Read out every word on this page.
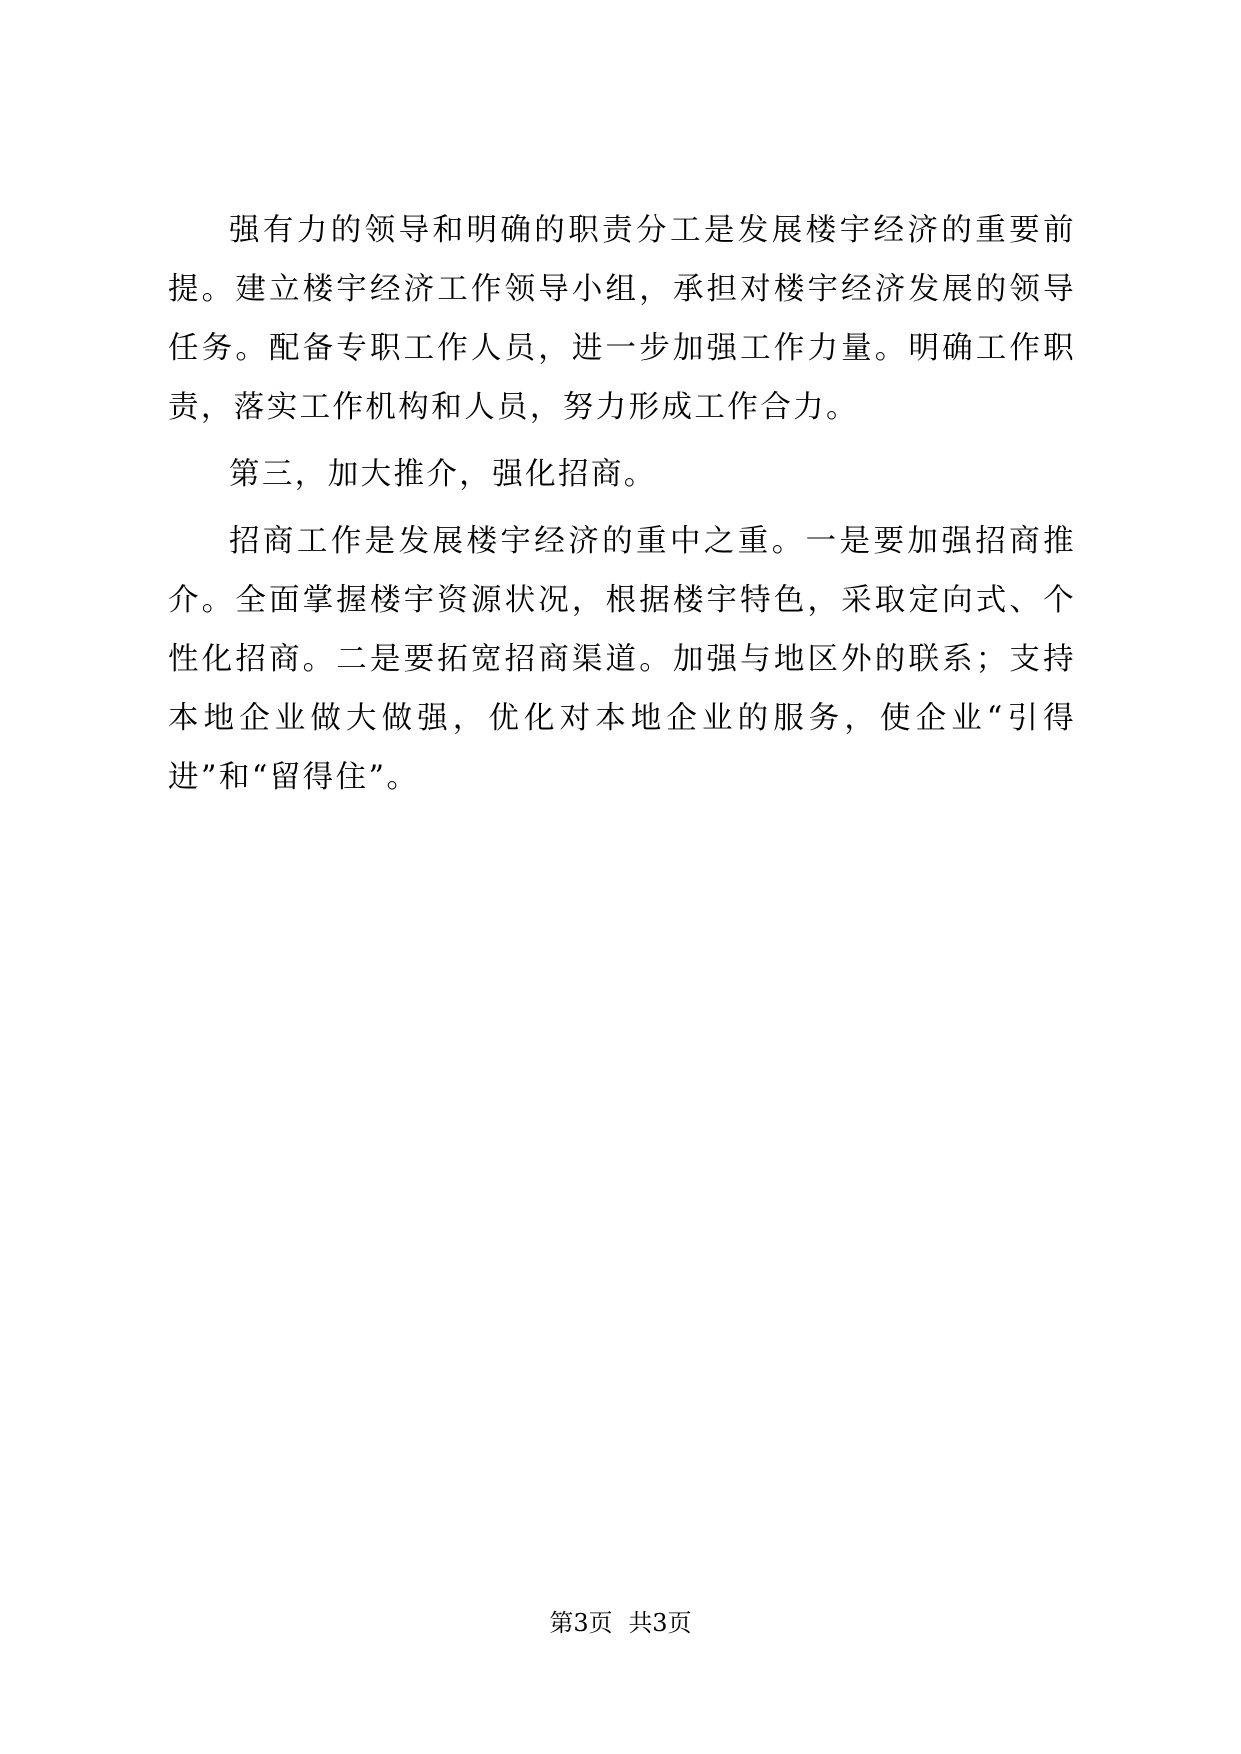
强有力的领导和明确的职责分工是发展楼宇经济的重要前提。建立楼宇经济工作领导小组，承担对楼宇经济发展的领导任务。配备专职工作人员，进一步加强工作力量。明确工作职责，落实工作机构和人员，努力形成工作合力。

第三，加大推介，强化招商。

招商工作是发展楼宇经济的重中之重。一是要加强招商推介。全面掌握楼宇资源状况，根据楼宇特色，采取定向式、个性化招商。二是要拓宽招商渠道。加强与地区外的联系；支持本地企业做大做强，优化对本地企业的服务，使企业“引得进”和“留得住”。

第3页 共3页
